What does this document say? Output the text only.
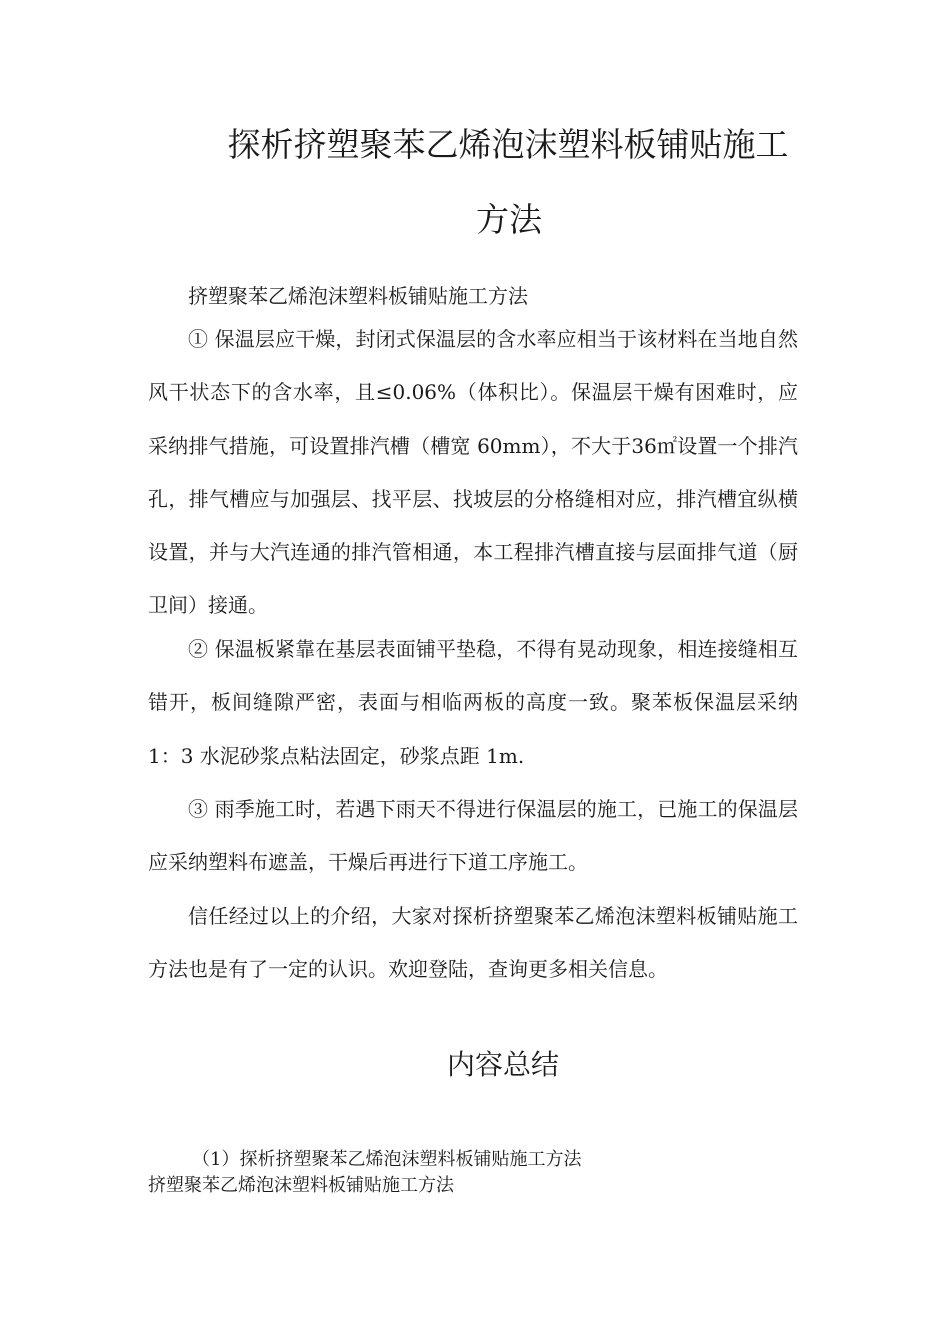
探析挤塑聚苯乙烯泡沫塑料板铺贴施工
方法

挤塑聚苯乙烯泡沫塑料板铺贴施工方法

① 保温层应干燥，封闭式保温层的含水率应相当于该材料在当地自然风干状态下的含水率，且≤0.06%（体积比）。保温层干燥有困难时，应采纳排气措施，可设置排汽槽（槽宽 60mm），不大于36㎡设置一个排汽孔，排气槽应与加强层、找平层、找坡层的分格缝相对应，排汽槽宜纵横设置，并与大汽连通的排汽管相通，本工程排汽槽直接与层面排气道（厨卫间）接通。

② 保温板紧靠在基层表面铺平垫稳，不得有晃动现象，相连接缝相互错开，板间缝隙严密，表面与相临两板的高度一致。聚苯板保温层采纳 1：3 水泥砂浆点粘法固定，砂浆点距 1m.

③ 雨季施工时，若遇下雨天不得进行保温层的施工，已施工的保温层应采纳塑料布遮盖，干燥后再进行下道工序施工。

信任经过以上的介绍，大家对探析挤塑聚苯乙烯泡沫塑料板铺贴施工方法也是有了一定的认识。欢迎登陆，查询更多相关信息。

内容总结

（1）探析挤塑聚苯乙烯泡沫塑料板铺贴施工方法

挤塑聚苯乙烯泡沫塑料板铺贴施工方法
